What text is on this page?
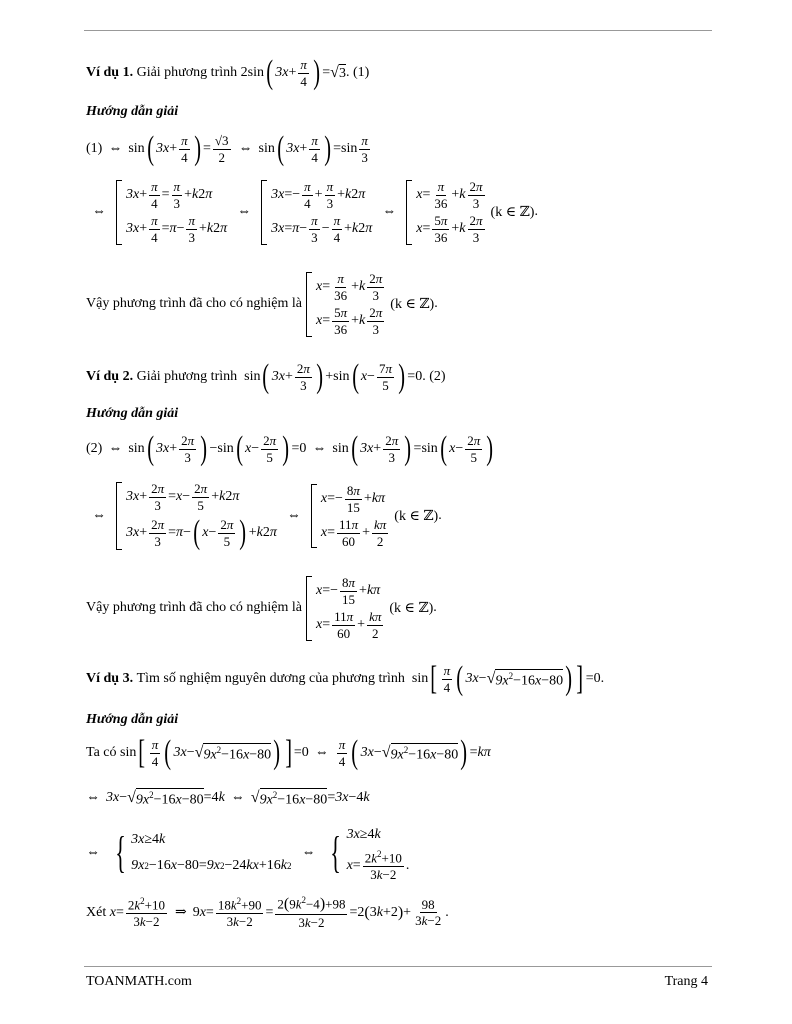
Ví dụ 1.
Giải phương trình
2sin ( 3x +
π
4 ) = √ 3 . (1)
Hướng dẫn giải
(1) ⇔ sin ( 3x +
π
4 ) =
√3
2
⇔ sin ( 3x +
π
4 ) =sin
π
3
⇔
3x +
π
4
=
π
3
+ k 2 π
3x +
π
4
= π −
π
3
+ k 2 π
⇔
3x =−
π
4
+
π
3
+ k 2 π
3x = π −
π
3
−
π
4
+ k 2 π
⇔
x =
π
36
+ k
2π
3
x =
5π
36
+ k
2π
3
(k ∈ ℤ) .
Vậy phương trình đã cho có nghiệm là
x =
π
36
+ k
2π
3
x =
5π
36
+ k
2π
3
(k ∈ ℤ) .
Ví dụ 2.
Giải phương trình sin ( 3x +
2π
3 ) +sin ( x −
7π
5 ) =0. (2)
Hướng dẫn giải
(2) ⇔ sin ( 3x +
2π
3 ) −sin ( x −
2π
5 ) =0 ⇔ sin ( 3x +
2π
3 ) =sin ( x −
2π
5 )
⇔
3x +
2π
3
= x −
2π
5
+ k 2 π
3x +
2π
3
= π − ( x −
2π
5 ) + k 2 π
⇔
x =−
8π
15
+ kπ
x =
11π
60
+
kπ
2
(k ∈ ℤ) .
Vậy phương trình đã cho có nghiệm là
x =−
8π
15
+ kπ
x =
11π
60
+
kπ
2
(k ∈ ℤ) .
Ví dụ 3.
Tìm số nghiệm nguyên dương của phương trình sin [ π
4 ( 3x − √ $9x^2-16x-80$ ) ] =0.
Hướng dẫn giải
Ta có sin [ π
4 ( 3x − √ $9x^2-16x-80$ ) ] =0 ⇔
π
4 ( 3x − √ $9x^2-16x-80$ ) = kπ
⇔ 3x − √ $9x^2-16x-80 =4$ k ⇔ √ $9x^2-16x-80 = 3x -4$ k
⇔ { 3x ≥4 k
9x 2 −16 x −80= 9x 2 −24 kx +16 k 2
⇔ { 3x ≥4 k
$x = 2k^2+10$
3k−2
.
Xét
$x = 2k^2+10$
3k−2
⇒ 9 $x = 18k^2+90$
3k−2
=
$2(9k^2-4)+98$
3k−2
=2 ( 3 k +2 ) +
98
3k−2
.
TOANMATH.com	Trang 4
